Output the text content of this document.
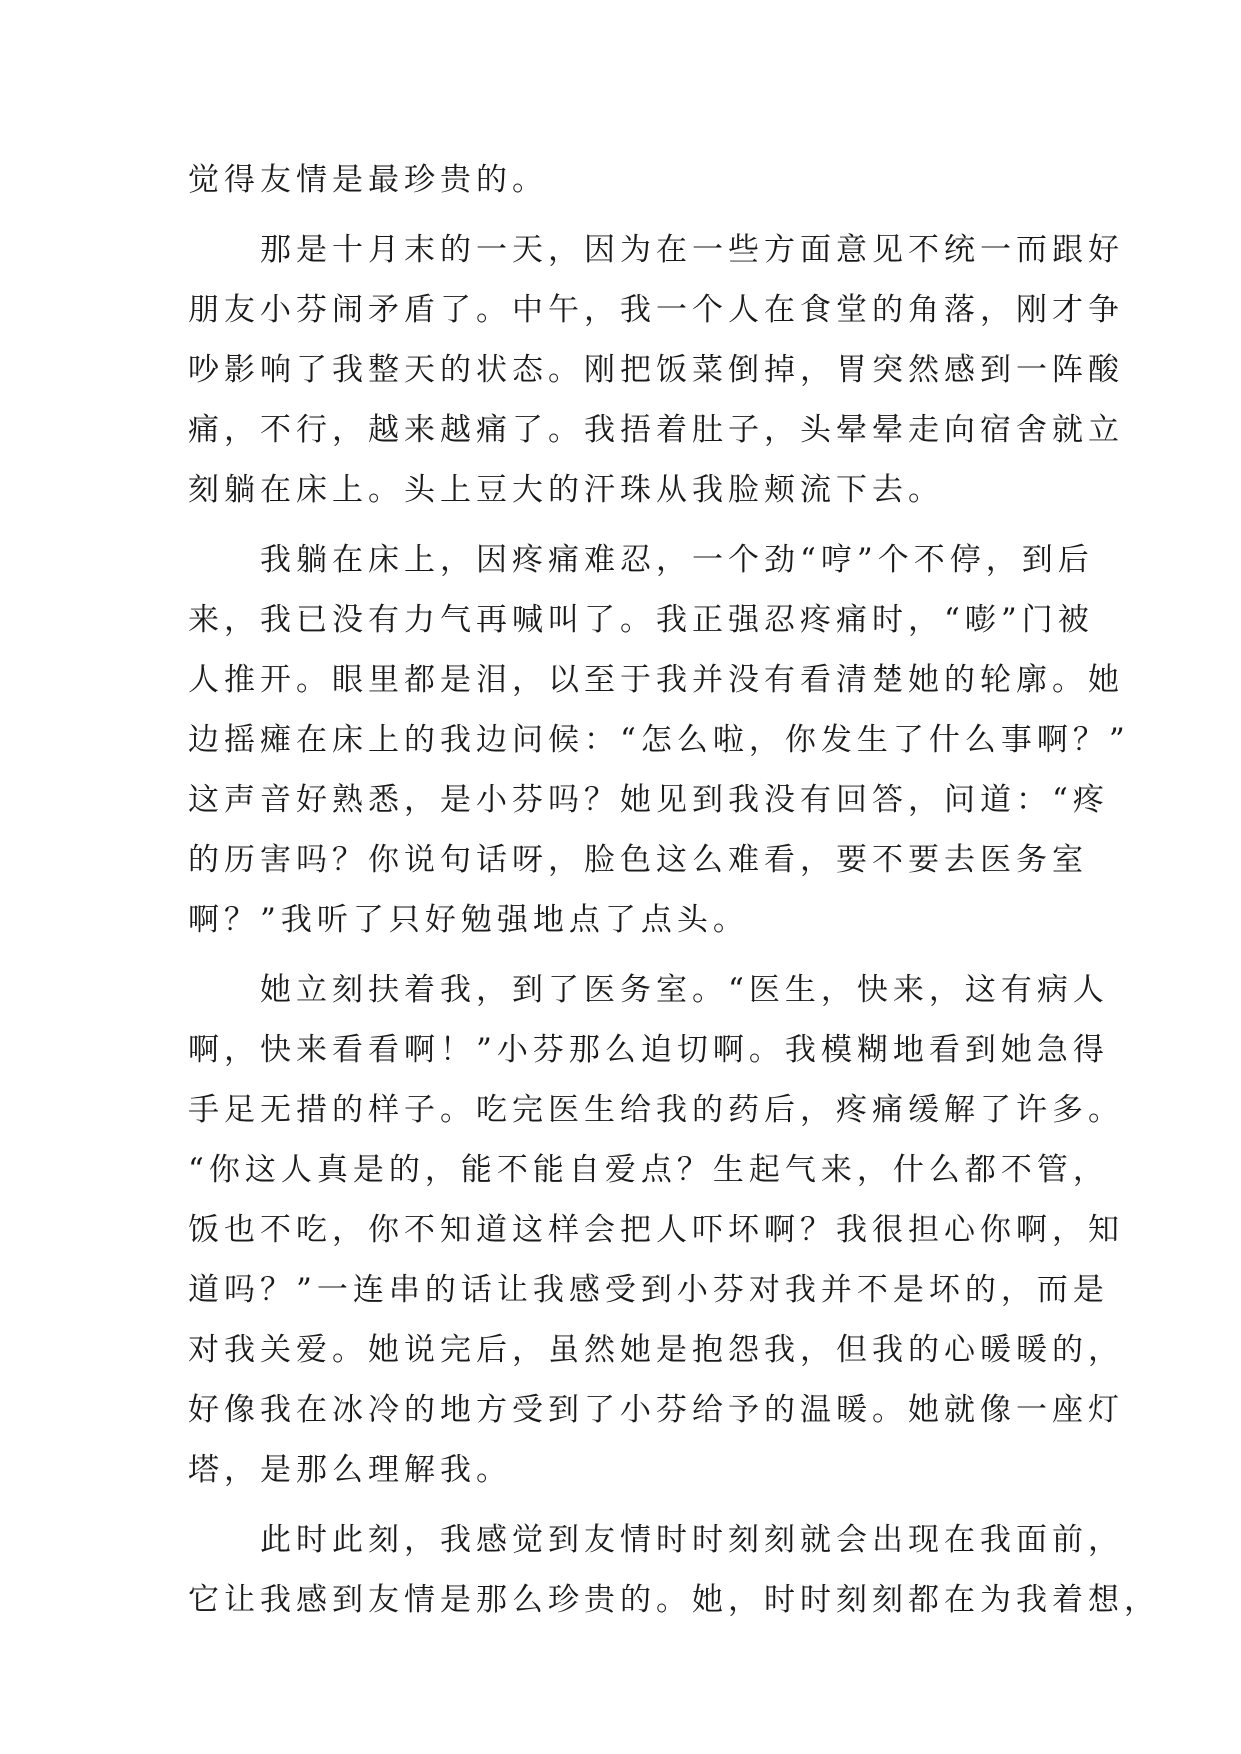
觉得友情是最珍贵的。
　　那是十月末的一天，因为在一些方面意见不统一而跟好
朋友小芬闹矛盾了。中午，我一个人在食堂的角落，刚才争
吵影响了我整天的状态。刚把饭菜倒掉，胃突然感到一阵酸
痛，不行，越来越痛了。我捂着肚子，头晕晕走向宿舍就立
刻躺在床上。头上豆大的汗珠从我脸颊流下去。
　　我躺在床上，因疼痛难忍，一个劲“哼”个不停，到后
来，我已没有力气再喊叫了。我正强忍疼痛时，“嘭”门被
人推开。眼里都是泪，以至于我并没有看清楚她的轮廓。她
边摇瘫在床上的我边问候：“怎么啦，你发生了什么事啊？”
这声音好熟悉，是小芬吗？她见到我没有回答，问道：“疼
的历害吗？你说句话呀，脸色这么难看，要不要去医务室
啊？”我听了只好勉强地点了点头。
　　她立刻扶着我，到了医务室。“医生，快来，这有病人
啊，快来看看啊！”小芬那么迫切啊。我模糊地看到她急得
手足无措的样子。吃完医生给我的药后，疼痛缓解了许多。
“你这人真是的，能不能自爱点？生起气来，什么都不管，
饭也不吃，你不知道这样会把人吓坏啊？我很担心你啊，知
道吗？”一连串的话让我感受到小芬对我并不是坏的，而是
对我关爱。她说完后，虽然她是抱怨我，但我的心暖暖的，
好像我在冰冷的地方受到了小芬给予的温暖。她就像一座灯
塔，是那么理解我。
　　此时此刻，我感觉到友情时时刻刻就会出现在我面前，
它让我感到友情是那么珍贵的。她，时时刻刻都在为我着想，
